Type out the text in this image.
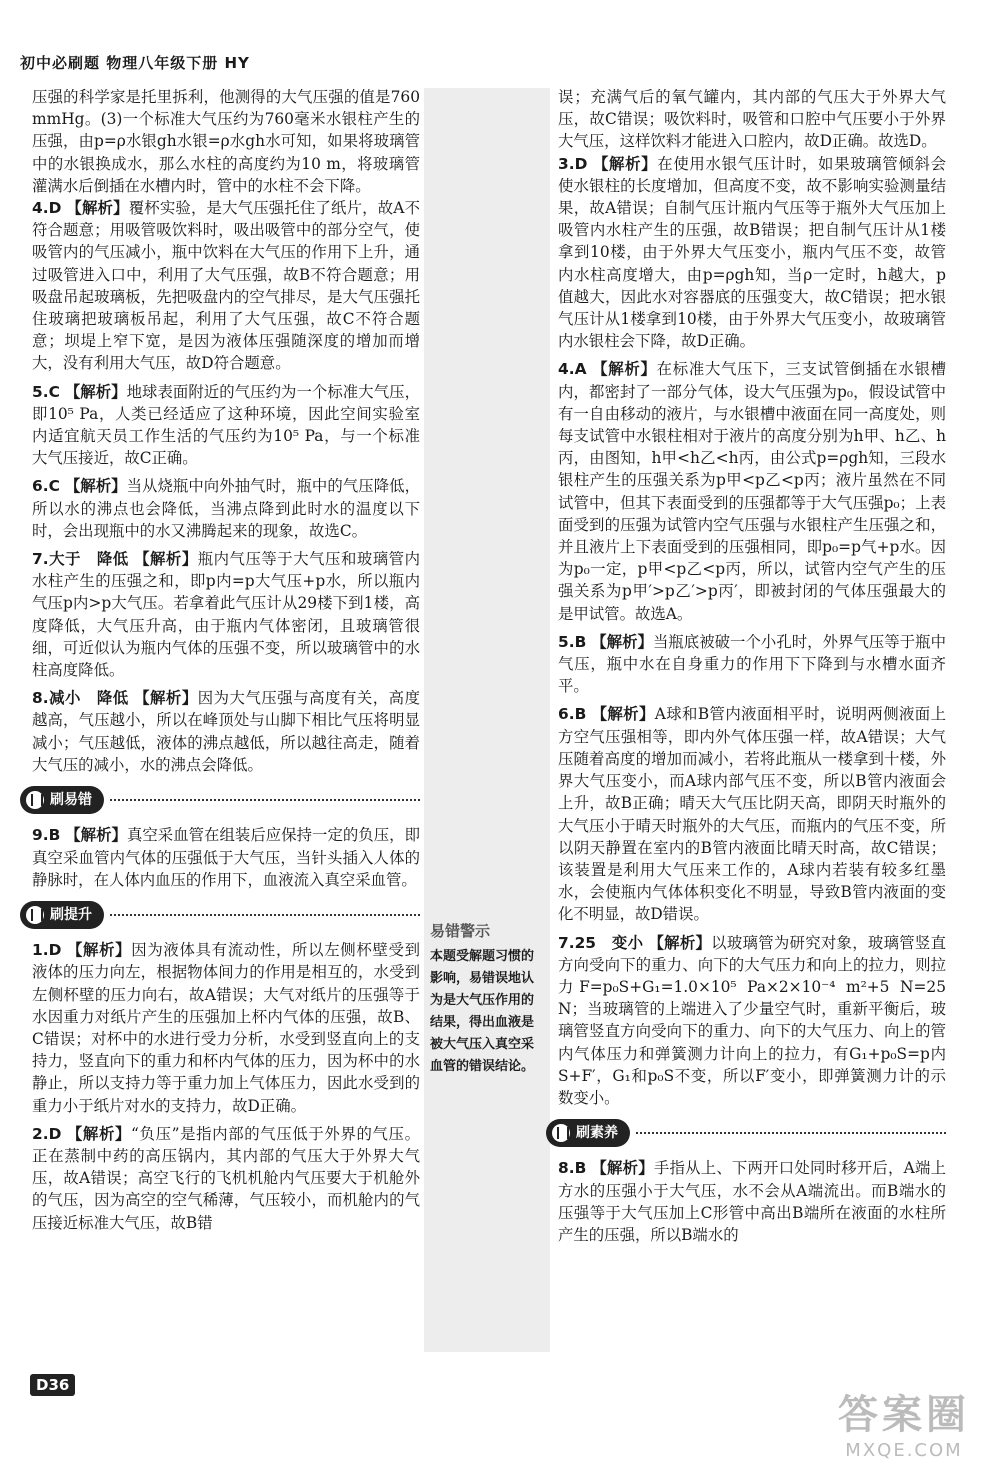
初中必刷题 物理八年级下册 HY
易错警示
本题受解题习惯的影响，易错误地认为是大气压作用的结果，得出血液是被大气压入真空采血管的错误结论。

压强的科学家是托里拆利，他测得的大气压强的值是760 mmHg。(3)一个标准大气压约为760毫米水银柱产生的压强，由p=ρ水银gh水银=ρ水gh水可知，如果将玻璃管中的水银换成水，那么水柱的高度约为10 m，将玻璃管灌满水后倒插在水槽内时，管中的水柱不会下降。

4.D 【解析】覆杯实验，是大气压强托住了纸片，故A不符合题意；用吸管吸饮料时，吸出吸管中的部分空气，使吸管内的气压减小，瓶中饮料在大气压的作用下上升，通过吸管进入口中，利用了大气压强，故B不符合题意；用吸盘吊起玻璃板，先把吸盘内的空气排尽，是大气压强托住玻璃把玻璃板吊起，利用了大气压强，故C不符合题意；坝堤上窄下宽，是因为液体压强随深度的增加而增大，没有利用大气压，故D符合题意。

5.C 【解析】地球表面附近的气压约为一个标准大气压，即10⁵ Pa，人类已经适应了这种环境，因此空间实验室内适宜航天员工作生活的气压约为10⁵ Pa，与一个标准大气压接近，故C正确。

6.C 【解析】当从烧瓶中向外抽气时，瓶中的气压降低，所以水的沸点也会降低，当沸点降到此时水的温度以下时，会出现瓶中的水又沸腾起来的现象，故选C。

7.大于　降低 【解析】瓶内气压等于大气压和玻璃管内水柱产生的压强之和，即p内=p大气压+p水，所以瓶内气压p内>p大气压。若拿着此气压计从29楼下到1楼，高度降低，大气压升高，由于瓶内气体密闭，且玻璃管很细，可近似认为瓶内气体的压强不变，所以玻璃管中的水柱高度降低。

8.减小　降低 【解析】因为大气压强与高度有关，高度越高，气压越小，所以在峰顶处与山脚下相比气压将明显减小；气压越低，液体的沸点越低，所以越往高走，随着大气压的减小，水的沸点会降低。

刷易错

9.B 【解析】真空采血管在组装后应保持一定的负压，即真空采血管内气体的压强低于大气压，当针头插入人体的静脉时，在人体内血压的作用下，血液流入真空采血管。

刷提升

1.D 【解析】因为液体具有流动性，所以左侧杯壁受到液体的压力向左，根据物体间力的作用是相互的，水受到左侧杯壁的压力向右，故A错误；大气对纸片的压强等于水因重力对纸片产生的压强加上杯内气体的压强，故B、C错误；对杯中的水进行受力分析，水受到竖直向上的支持力，竖直向下的重力和杯内气体的压力，因为杯中的水静止，所以支持力等于重力加上气体压力，因此水受到的重力小于纸片对水的支持力，故D正确。

2.D 【解析】“负压”是指内部的气压低于外界的气压。正在蒸制中药的高压锅内，其内部的气压大于外界大气压，故A错误；高空飞行的飞机机舱内气压要大于机舱外的气压，因为高空的空气稀薄，气压较小，而机舱内的气压接近标准大气压，故B错

误；充满气后的氧气罐内，其内部的气压大于外界大气压，故C错误；吸饮料时，吸管和口腔中气压要小于外界大气压，这样饮料才能进入口腔内，故D正确。故选D。

3.D 【解析】在使用水银气压计时，如果玻璃管倾斜会使水银柱的长度增加，但高度不变，故不影响实验测量结果，故A错误；自制气压计瓶内气压等于瓶外大气压加上吸管内水柱产生的压强，故B错误；把自制气压计从1楼拿到10楼，由于外界大气压变小，瓶内气压不变，故管内水柱高度增大，由p=ρgh知，当ρ一定时，h越大，p值越大，因此水对容器底的压强变大，故C错误；把水银气压计从1楼拿到10楼，由于外界大气压变小，故玻璃管内水银柱会下降，故D正确。

4.A 【解析】在标准大气压下，三支试管倒插在水银槽内，都密封了一部分气体，设大气压强为p₀，假设试管中有一自由移动的液片，与水银槽中液面在同一高度处，则每支试管中水银柱相对于液片的高度分别为h甲、h乙、h丙，由图知，h甲<h乙<h丙，由公式p=ρgh知，三段水银柱产生的压强关系为p甲<p乙<p丙；液片虽然在不同试管中，但其下表面受到的压强都等于大气压强p₀；上表面受到的压强为试管内空气压强与水银柱产生压强之和，并且液片上下表面受到的压强相同，即p₀=p气+p水。因为p₀一定，p甲<p乙<p丙，所以，试管内空气产生的压强关系为p甲′>p乙′>p丙′，即被封闭的气体压强最大的是甲试管。故选A。

5.B 【解析】当瓶底被破一个小孔时，外界气压等于瓶中气压，瓶中水在自身重力的作用下下降到与水槽水面齐平。

6.B 【解析】A球和B管内液面相平时，说明两侧液面上方空气压强相等，即内外气体压强一样，故A错误；大气压随着高度的增加而减小，若将此瓶从一楼拿到十楼，外界大气压变小，而A球内部气压不变，所以B管内液面会上升，故B正确；晴天大气压比阴天高，即阴天时瓶外的大气压小于晴天时瓶外的大气压，而瓶内的气压不变，所以阴天静置在室内的B管内液面比晴天时高，故C错误；该装置是利用大气压来工作的，A球内若装有较多红墨水，会使瓶内气体体积变化不明显，导致B管内液面的变化不明显，故D错误。

7.25　变小 【解析】以玻璃管为研究对象，玻璃管竖直方向受向下的重力、向下的大气压力和向上的拉力，则拉力F=p₀S+G₁=1.0×10⁵ Pa×2×10⁻⁴ m²+5 N=25 N；当玻璃管的上端进入了少量空气时，重新平衡后，玻璃管竖直方向受向下的重力、向下的大气压力、向上的管内气体压力和弹簧测力计向上的拉力，有G₁+p₀S=p内S+F′，G₁和p₀S不变，所以F′变小，即弹簧测力计的示数变小。

刷素养

8.B 【解析】手指从上、下两开口处同时移开后，A端上方水的压强小于大气压，水不会从A端流出。而B端水的压强等于大气压加上C形管中高出B端所在液面的水柱所产生的压强，所以B端水的

D36
答案圈
MXQE.COM
